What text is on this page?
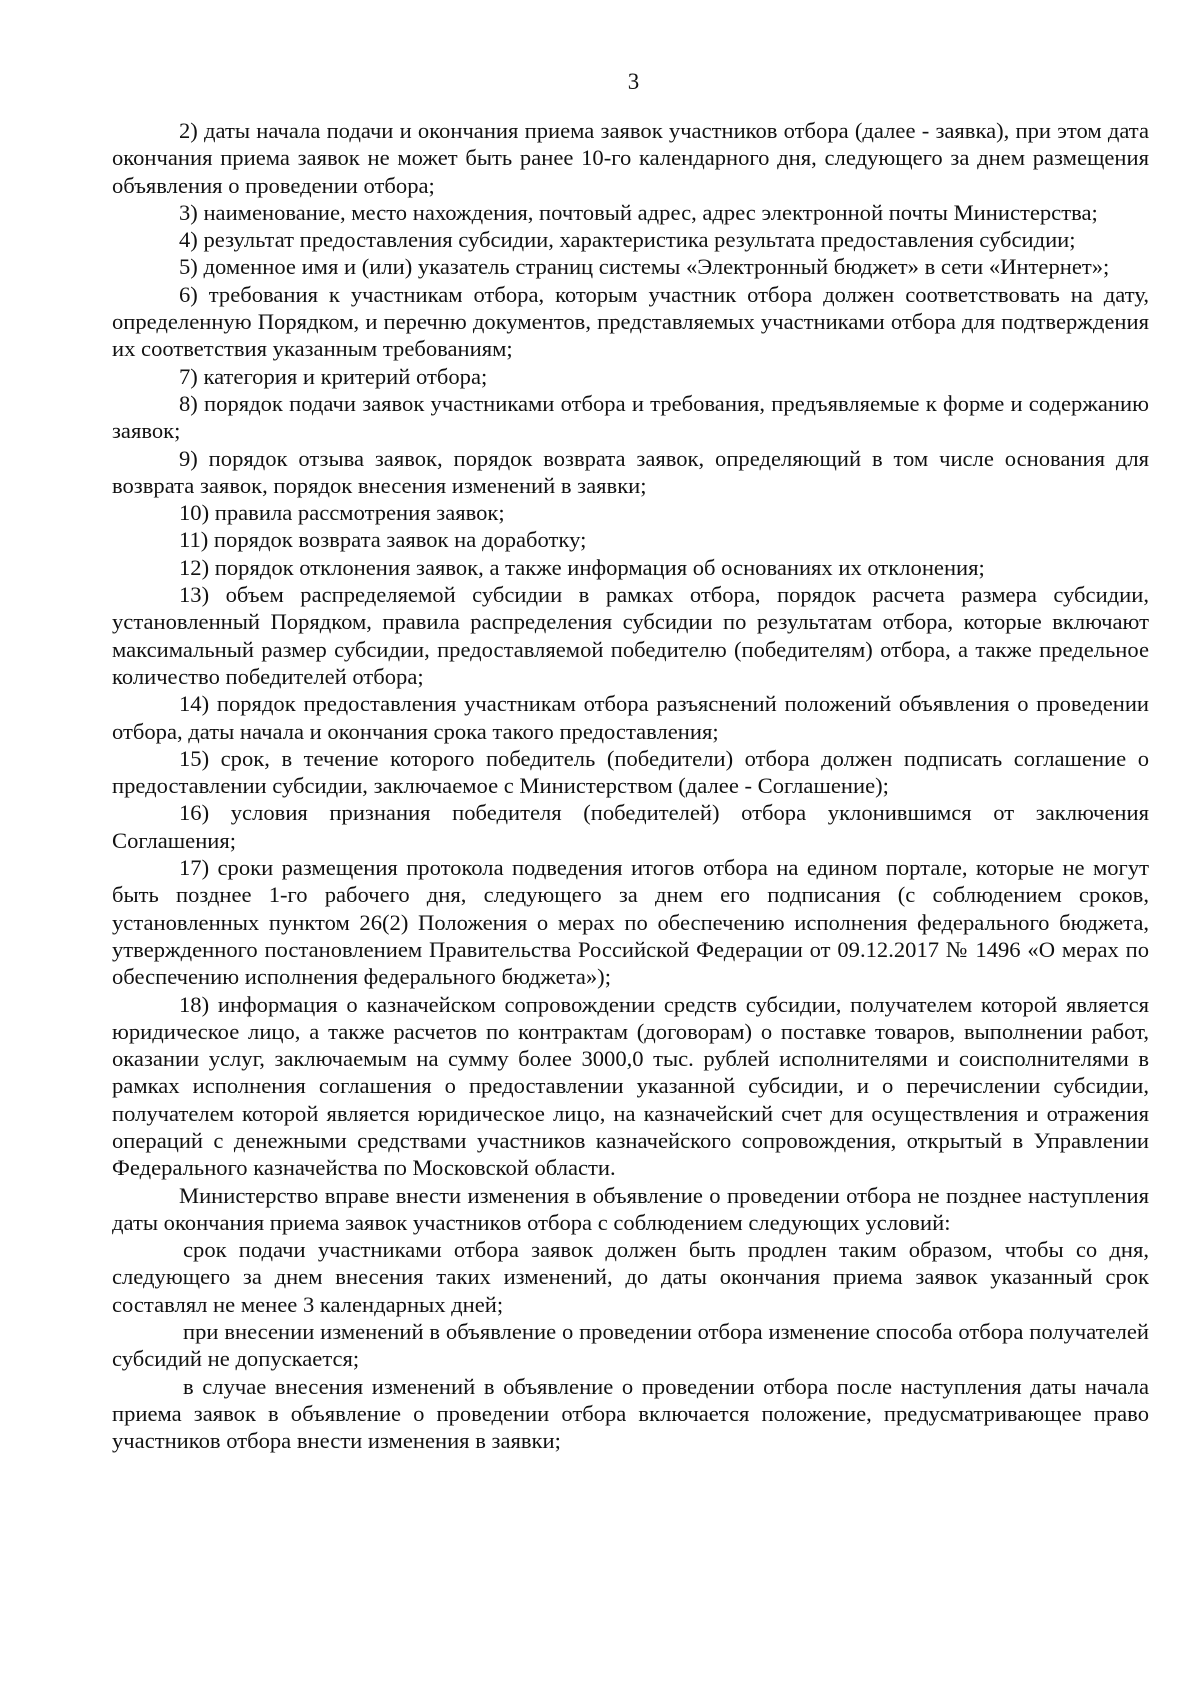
3

2) даты начала подачи и окончания приема заявок участников отбора (далее - заявка), при этом дата окончания приема заявок не может быть ранее 10-го календарного дня, следующего за днем размещения объявления о проведении отбора;

3) наименование, место нахождения, почтовый адрес, адрес электронной почты Министерства;

4) результат предоставления субсидии, характеристика результата предоставления субсидии;

5) доменное имя и (или) указатель страниц системы «Электронный бюджет» в сети «Интернет»;

6) требования к участникам отбора, которым участник отбора должен соответствовать на дату, определенную Порядком, и перечню документов, представляемых участниками отбора для подтверждения их соответствия указанным требованиям;

7) категория и критерий отбора;

8) порядок подачи заявок участниками отбора и требования, предъявляемые к форме и содержанию заявок;

9) порядок отзыва заявок, порядок возврата заявок, определяющий в том числе основания для возврата заявок, порядок внесения изменений в заявки;

10) правила рассмотрения заявок;

11) порядок возврата заявок на доработку;

12) порядок отклонения заявок, а также информация об основаниях их отклонения;

13) объем распределяемой субсидии в рамках отбора, порядок расчета размера субсидии, установленный Порядком, правила распределения субсидии по результатам отбора, которые включают максимальный размер субсидии, предоставляемой победителю (победителям) отбора, а также предельное количество победителей отбора;

14) порядок предоставления участникам отбора разъяснений положений объявления о проведении отбора, даты начала и окончания срока такого предоставления;

15) срок, в течение которого победитель (победители) отбора должен подписать соглашение о предоставлении субсидии, заключаемое с Министерством (далее - Соглашение);

16) условия признания победителя (победителей) отбора уклонившимся от заключения Соглашения;

17) сроки размещения протокола подведения итогов отбора на едином портале, которые не могут быть позднее 1-го рабочего дня, следующего за днем его подписания (с соблюдением сроков, установленных пунктом 26(2) Положения о мерах по обеспечению исполнения федерального бюджета, утвержденного постановлением Правительства Российской Федерации от 09.12.2017 № 1496 «О мерах по обеспечению исполнения федерального бюджета»);

18) информация о казначейском сопровождении средств субсидии, получателем которой является юридическое лицо, а также расчетов по контрактам (договорам) о поставке товаров, выполнении работ, оказании услуг, заключаемым на сумму более 3000,0 тыс. рублей исполнителями и соисполнителями в рамках исполнения соглашения о предоставлении указанной субсидии, и о перечислении субсидии, получателем которой является юридическое лицо, на казначейский счет для осуществления и отражения операций с денежными средствами участников казначейского сопровождения, открытый в Управлении Федерального казначейства по Московской области.

Министерство вправе внести изменения в объявление о проведении отбора не позднее наступления даты окончания приема заявок участников отбора с соблюдением следующих условий:

срок подачи участниками отбора заявок должен быть продлен таким образом, чтобы со дня, следующего за днем внесения таких изменений, до даты окончания приема заявок указанный срок составлял не менее 3 календарных дней;

при внесении изменений в объявление о проведении отбора изменение способа отбора получателей субсидий не допускается;

в случае внесения изменений в объявление о проведении отбора после наступления даты начала приема заявок в объявление о проведении отбора включается положение, предусматривающее право участников отбора внести изменения в заявки;
